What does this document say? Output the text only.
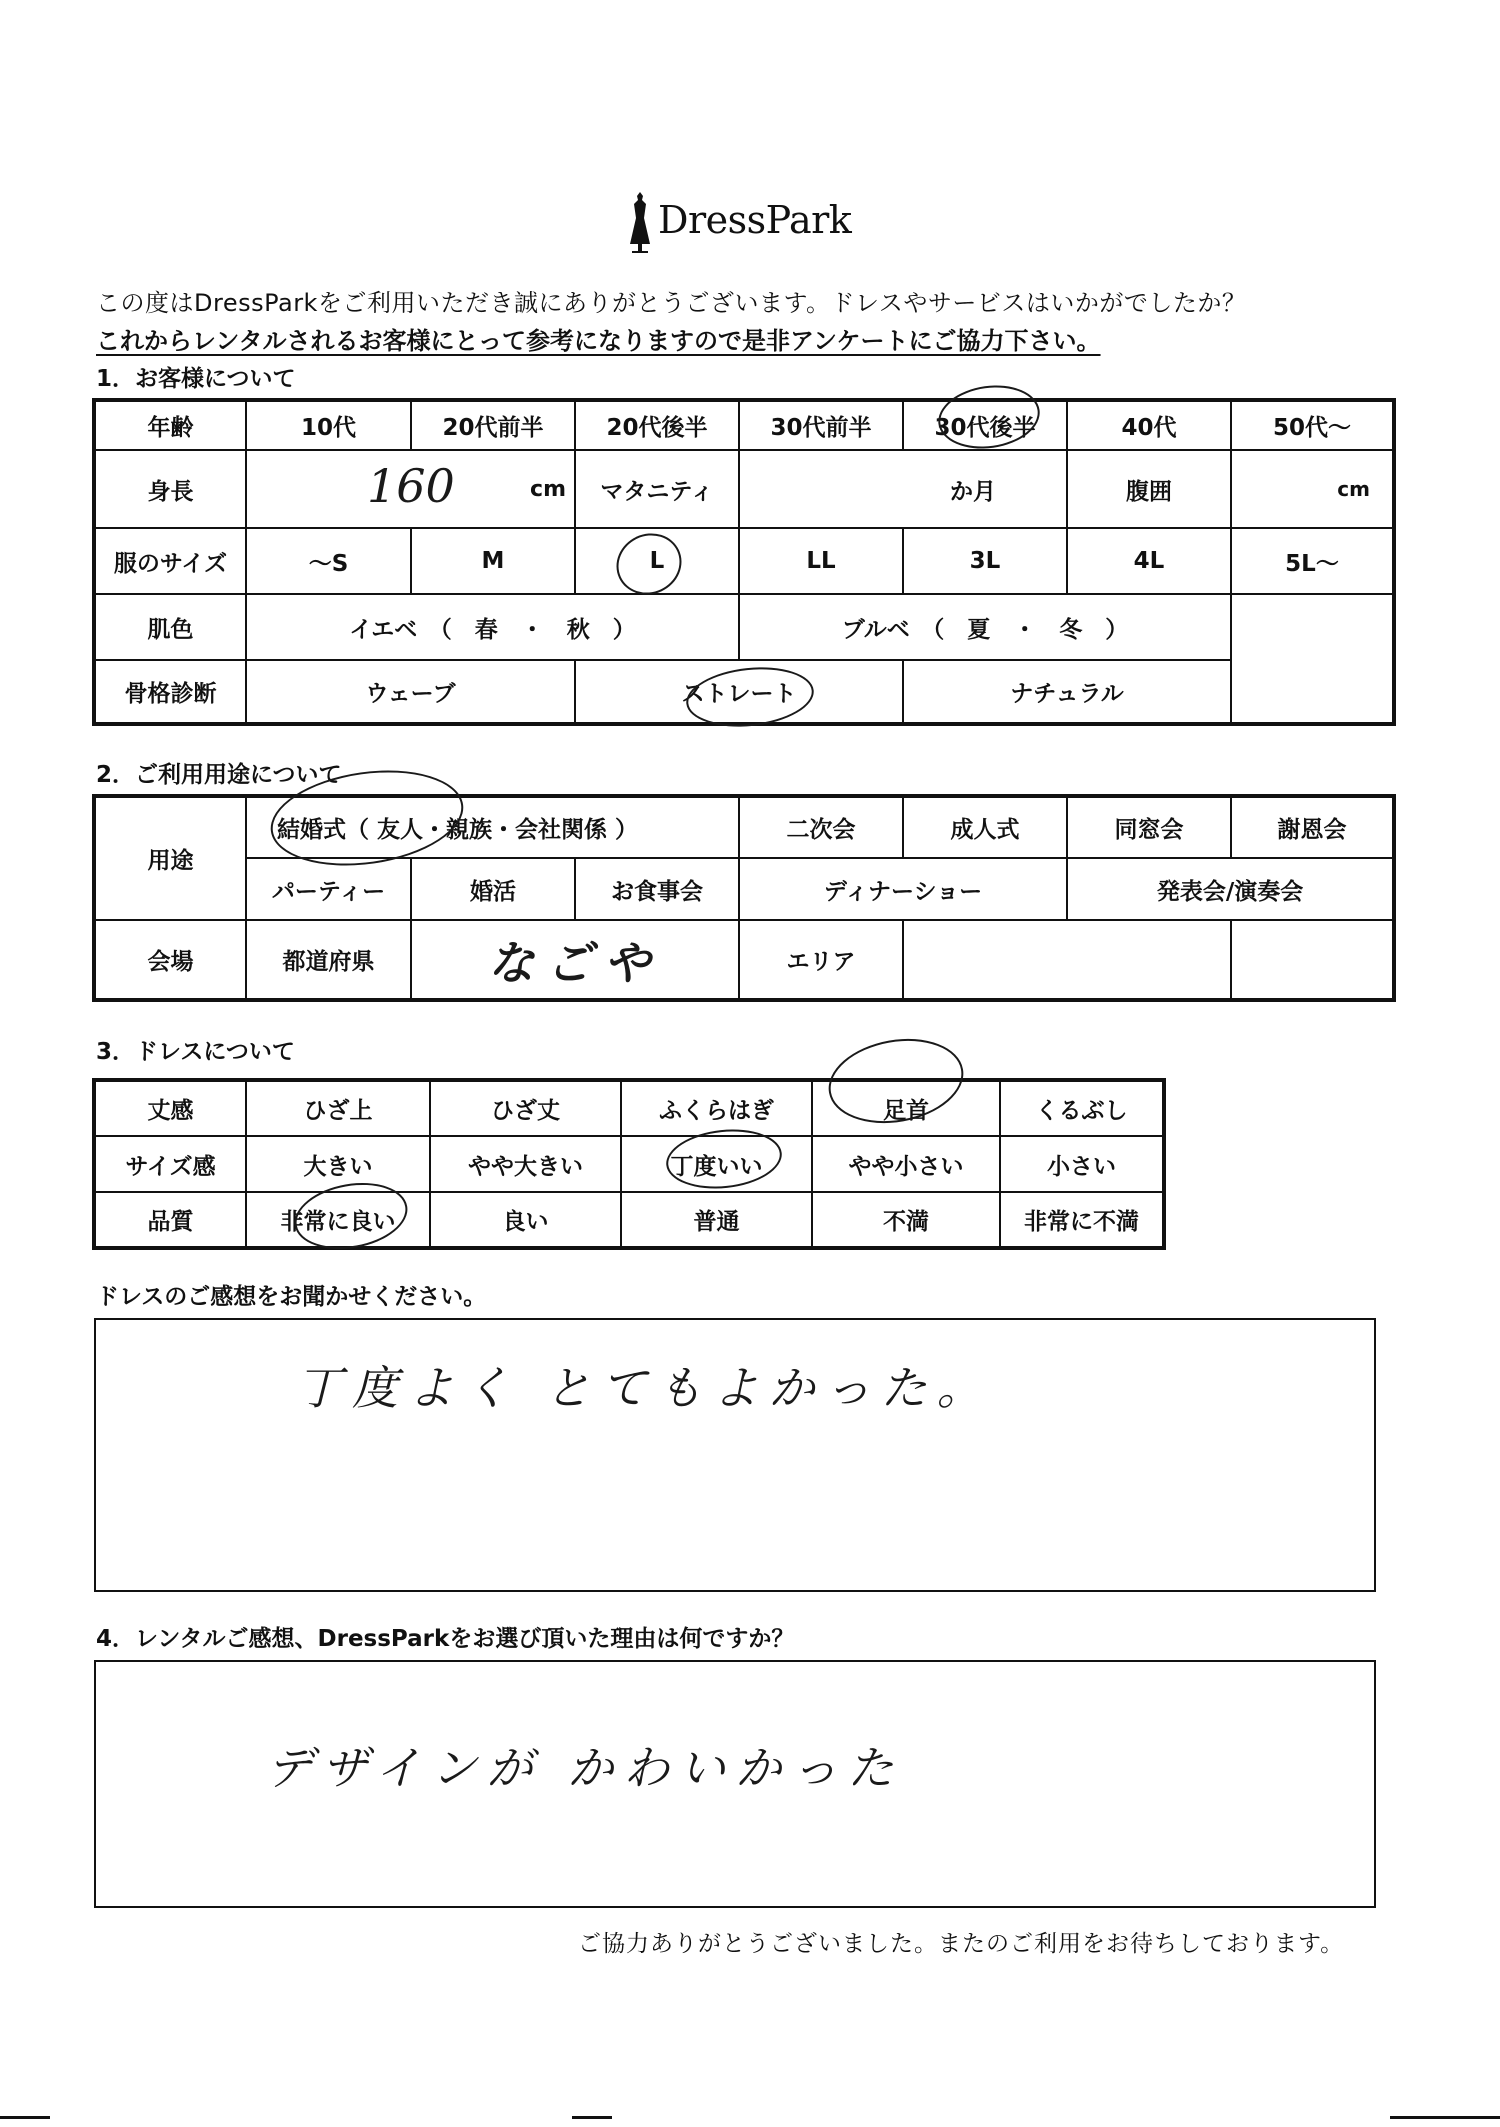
DressPark
この度はDressParkをご利用いただき誠にありがとうございます。ドレスやサービスはいかがでしたか？
これからレンタルされるお客様にとって参考になりますので是非アンケートにご協力下さい。
1．お客様について
年齢	10代	20代前半	20代後半	30代前半	30代後半	40代	50代～
身長	160 cm		マタニティ	か月		腹囲	cm
服のサイズ	～S	M	L	LL	3L	4L	5L～
肌色	イエベ　（　春　・　秋　）			ブルベ　（　夏　・　冬　）			
骨格診断	ウェーブ		ストレート		ナチュラル		
2．ご利用用途について
用途	結婚式（ 友人・親族・会社関係 ）			二次会	成人式	同窓会	謝恩会
	パーティー	婚活	お食事会	ディナーショー		発表会/演奏会	
会場	都道府県	なごや		エリア			
3．ドレスについて
丈感	ひざ上	ひざ丈	ふくらはぎ	足首	くるぶし
サイズ感	大きい	やや大きい	丁度いい	やや小さい	小さい
品質	非常に良い	良い	普通	不満	非常に不満
ドレスのご感想をお聞かせください。
丁度よく とてもよかった。
4．レンタルご感想、DressParkをお選び頂いた理由は何ですか？
デザインが かわいかった
ご協力ありがとうございました。またのご利用をお待ちしております。
